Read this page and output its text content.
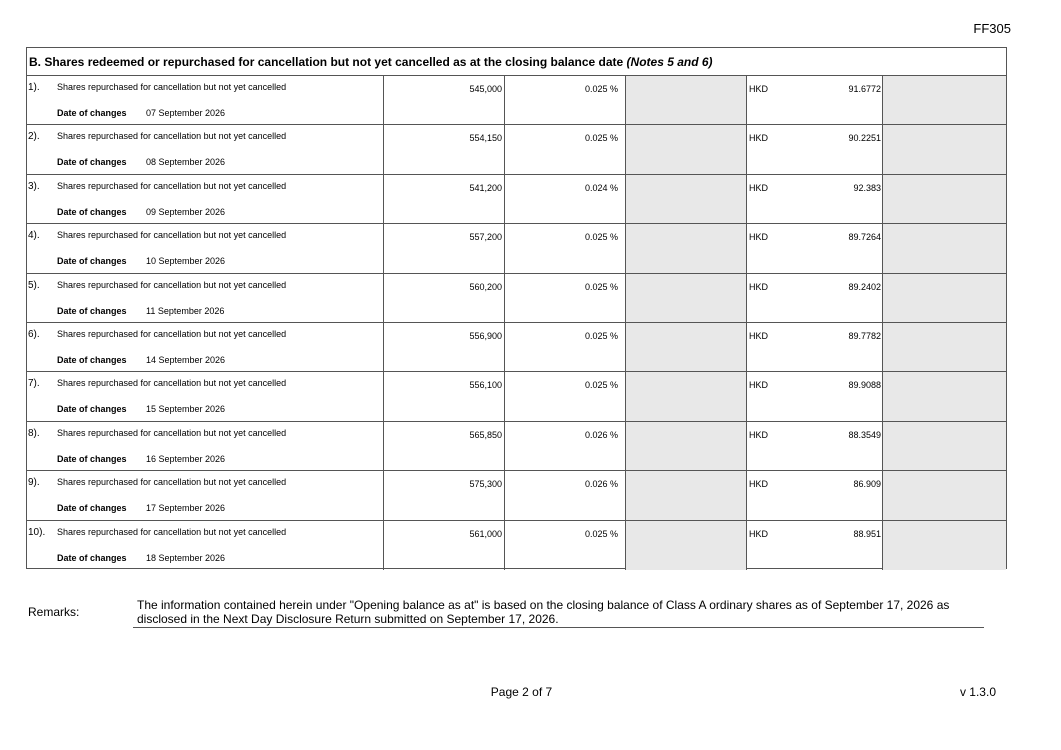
FF305
B. Shares redeemed or repurchased for cancellation but not yet cancelled as at the closing balance date (Notes 5 and 6)
1). Shares repurchased for cancellation but not yet cancelled
Date of changes 07 September 2026
545,000	0.025 %	HKD	91.6772
2). Shares repurchased for cancellation but not yet cancelled
Date of changes 08 September 2026
554,150	0.025 %	HKD	90.2251
3). Shares repurchased for cancellation but not yet cancelled
Date of changes 09 September 2026
541,200	0.024 %	HKD	92.383
4). Shares repurchased for cancellation but not yet cancelled
Date of changes 10 September 2026
557,200	0.025 %	HKD	89.7264
5). Shares repurchased for cancellation but not yet cancelled
Date of changes 11 September 2026
560,200	0.025 %	HKD	89.2402
6). Shares repurchased for cancellation but not yet cancelled
Date of changes 14 September 2026
556,900	0.025 %	HKD	89.7782
7). Shares repurchased for cancellation but not yet cancelled
Date of changes 15 September 2026
556,100	0.025 %	HKD	89.9088
8). Shares repurchased for cancellation but not yet cancelled
Date of changes 16 September 2026
565,850	0.026 %	HKD	88.3549
9). Shares repurchased for cancellation but not yet cancelled
Date of changes 17 September 2026
575,300	0.026 %	HKD	86.909
10). Shares repurchased for cancellation but not yet cancelled
Date of changes 18 September 2026
561,000	0.025 %	HKD	88.951
Remarks:	The information contained herein under "Opening balance as at" is based on the closing balance of Class A ordinary shares as of September 17, 2026 as disclosed in the Next Day Disclosure Return submitted on September 17, 2026.
Page 2 of 7	v 1.3.0
